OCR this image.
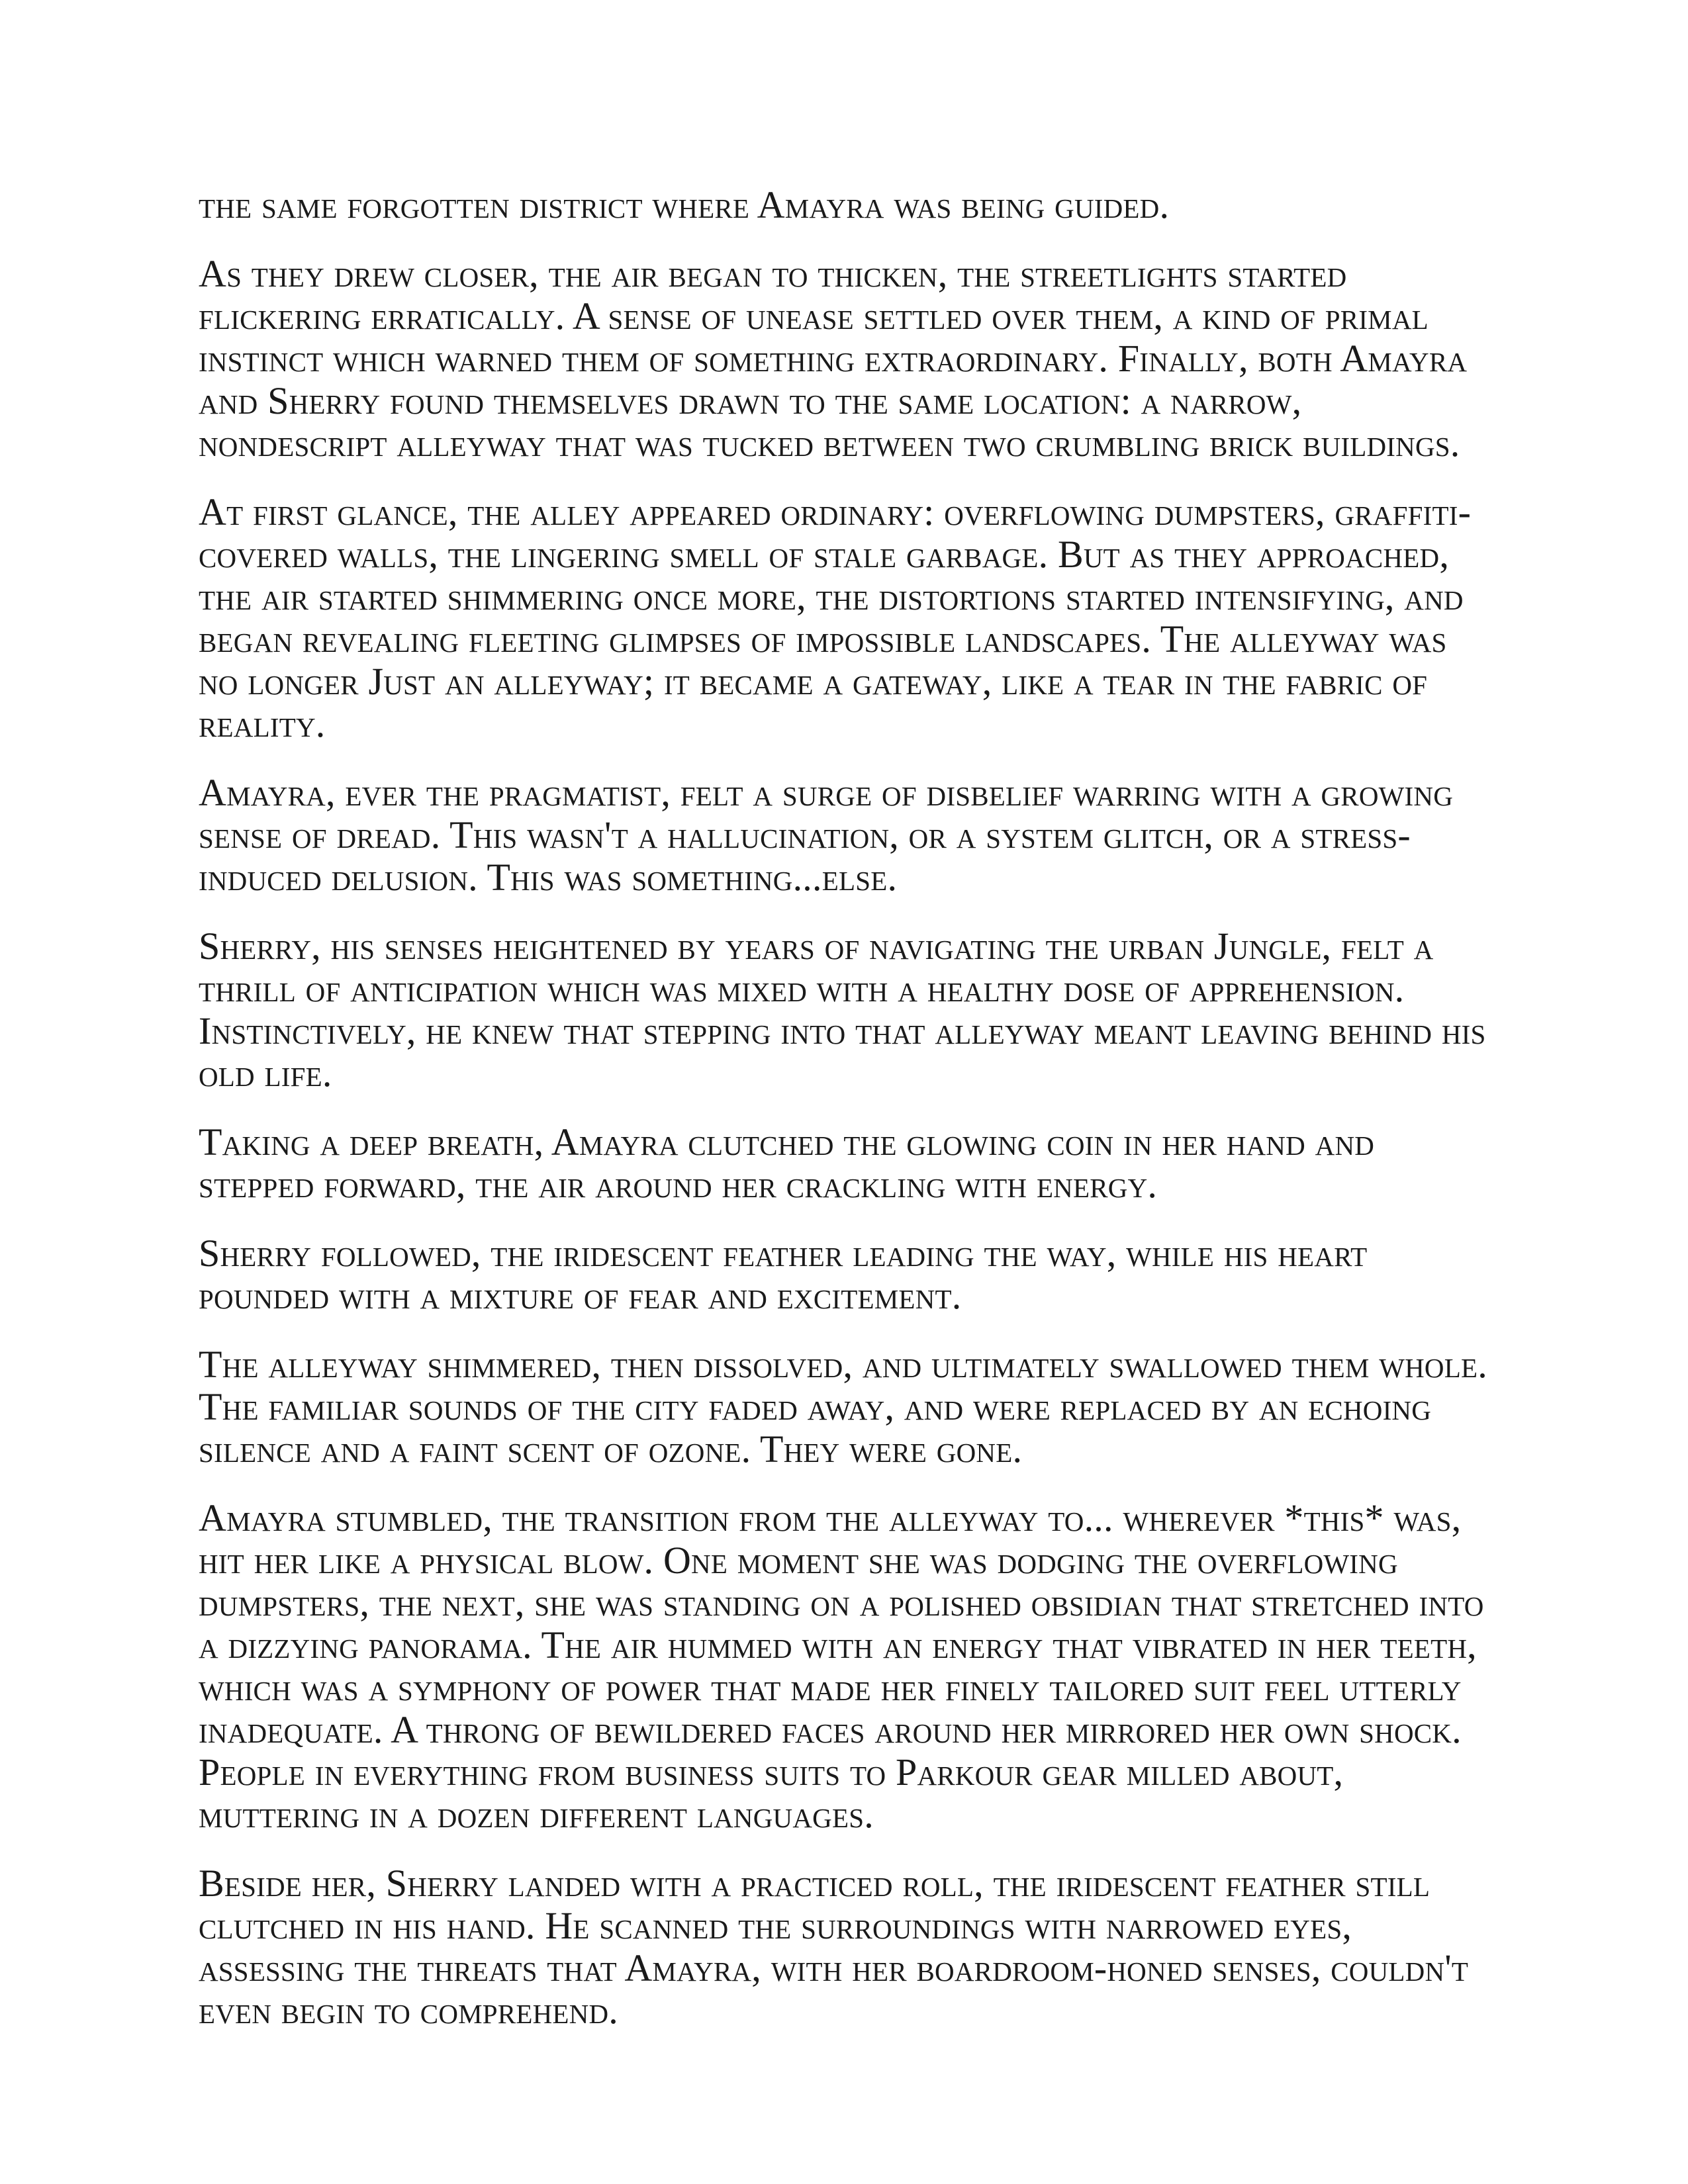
the same forgotten district where Amayra was being guided.

As they drew closer, the air began to thicken, the streetlights started flickering erratically. A sense of unease settled over them, a kind of primal instinct which warned them of something extraordinary. Finally, both Amayra and Sherry found themselves drawn to the same location: a narrow, nondescript alleyway that was tucked between two crumbling brick buildings.

At first glance, the alley appeared ordinary: overflowing dumpsters, graffiti-covered walls, the lingering smell of stale garbage. But as they approached, the air started shimmering once more, the distortions started intensifying, and began revealing fleeting glimpses of impossible landscapes. The alleyway was no longer Just an alleyway; it became a gateway, like a tear in the fabric of reality.

Amayra, ever the pragmatist, felt a surge of disbelief warring with a growing sense of dread. This wasn't a hallucination, or a system glitch, or a stress-induced delusion. This was something...else.

Sherry, his senses heightened by years of navigating the urban Jungle, felt a thrill of anticipation which was mixed with a healthy dose of apprehension. Instinctively, he knew that stepping into that alleyway meant leaving behind his old life.

Taking a deep breath, Amayra clutched the glowing coin in her hand and stepped forward, the air around her crackling with energy.

Sherry followed, the iridescent feather leading the way, while his heart pounded with a mixture of fear and excitement.

The alleyway shimmered, then dissolved, and ultimately swallowed them whole. The familiar sounds of the city faded away, and were replaced by an echoing silence and a faint scent of ozone. They were gone.

Amayra stumbled, the transition from the alleyway to... wherever *this* was, hit her like a physical blow. One moment she was dodging the overflowing dumpsters, the next, she was standing on a polished obsidian that stretched into a dizzying panorama. The air hummed with an energy that vibrated in her teeth, which was a symphony of power that made her finely tailored suit feel utterly inadequate. A throng of bewildered faces around her mirrored her own shock. People in everything from business suits to Parkour gear milled about, muttering in a dozen different languages.

Beside her, Sherry landed with a practiced roll, the iridescent feather still clutched in his hand. He scanned the surroundings with narrowed eyes, assessing the threats that Amayra, with her boardroom-honed senses, couldn't even begin to comprehend.
